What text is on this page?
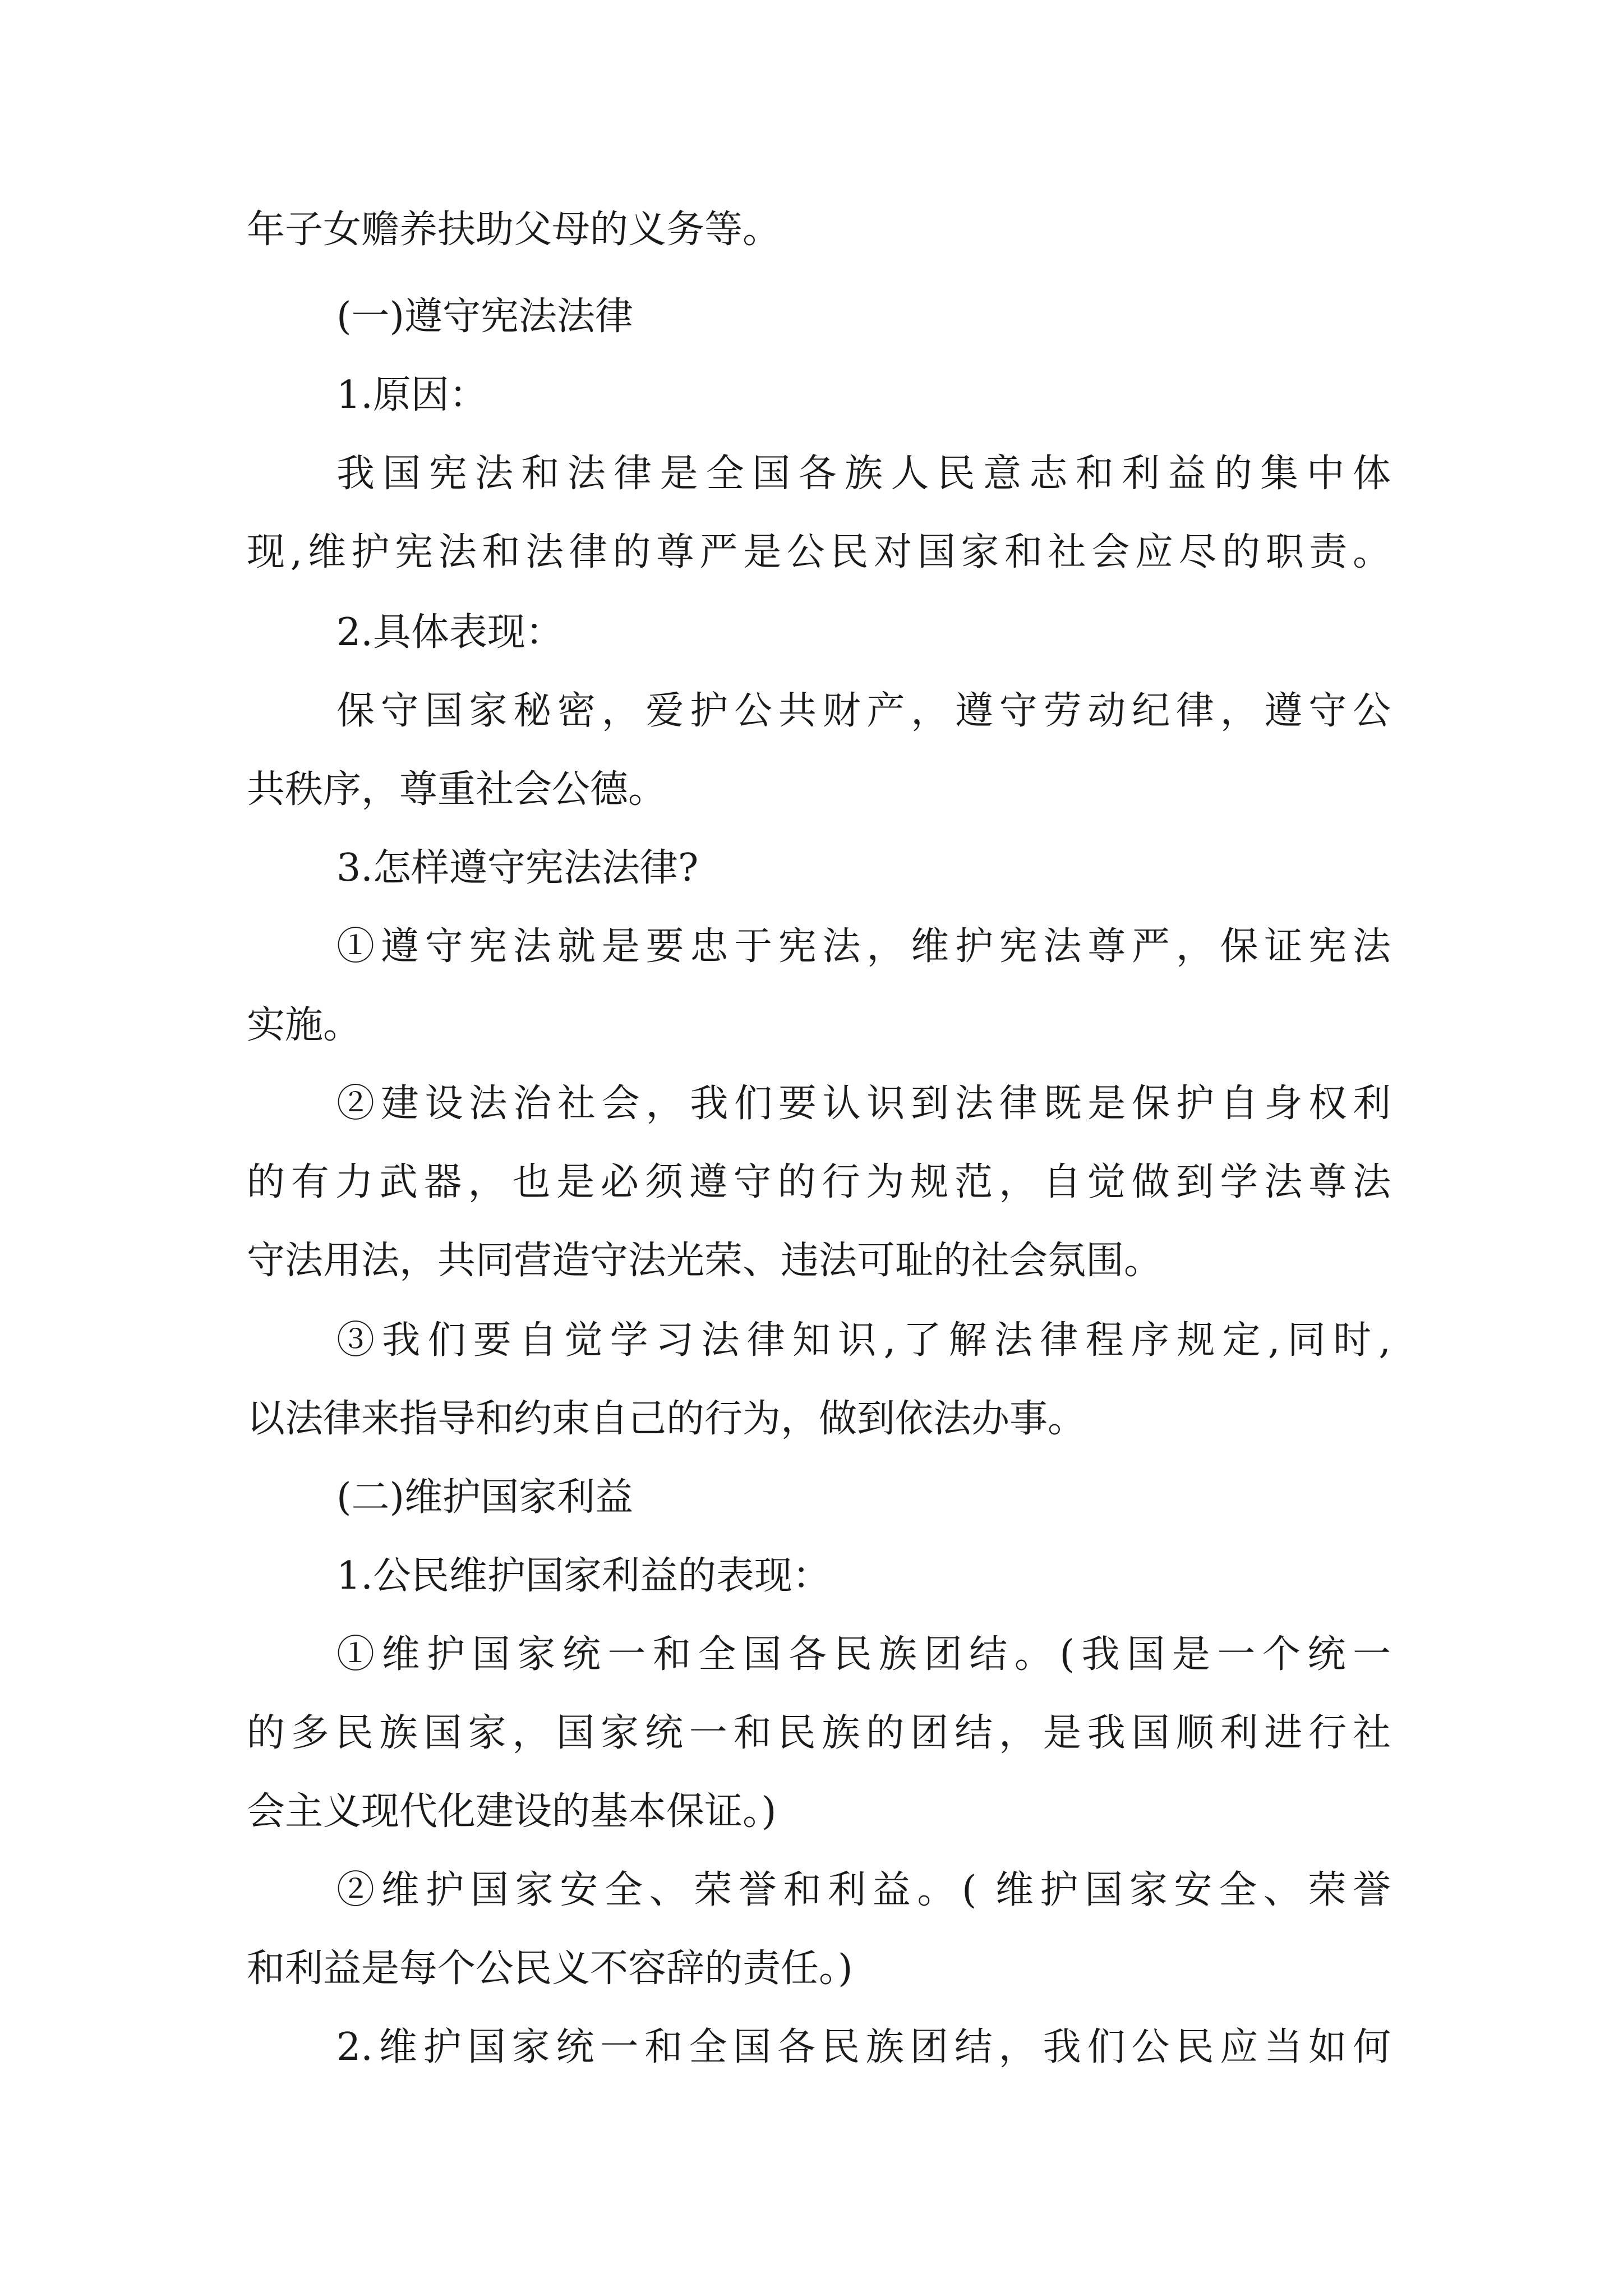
年子女赡养扶助父母的义务等。
(一)遵守宪法法律
1.原因：
我国宪法和法律是全国各族人民意志和利益的集中体
现,维护宪法和法律的尊严是公民对国家和社会应尽的职责。
2.具体表现：
保守国家秘密，爱护公共财产，遵守劳动纪律，遵守公
共秩序，尊重社会公德。
3.怎样遵守宪法法律?
①遵守宪法就是要忠于宪法，维护宪法尊严，保证宪法
实施。
②建设法治社会，我们要认识到法律既是保护自身权利
的有力武器，也是必须遵守的行为规范，自觉做到学法尊法
守法用法，共同营造守法光荣、违法可耻的社会氛围。
③我们要自觉学习法律知识,了解法律程序规定,同时,
以法律来指导和约束自己的行为，做到依法办事。
(二)维护国家利益
1.公民维护国家利益的表现：
①维护国家统一和全国各民族团结。(我国是一个统一
的多民族国家，国家统一和民族的团结，是我国顺利进行社
会主义现代化建设的基本保证。)
②维护国家安全、荣誉和利益。( 维护国家安全、荣誉
和利益是每个公民义不容辞的责任。)
2.维护国家统一和全国各民族团结，我们公民应当如何
